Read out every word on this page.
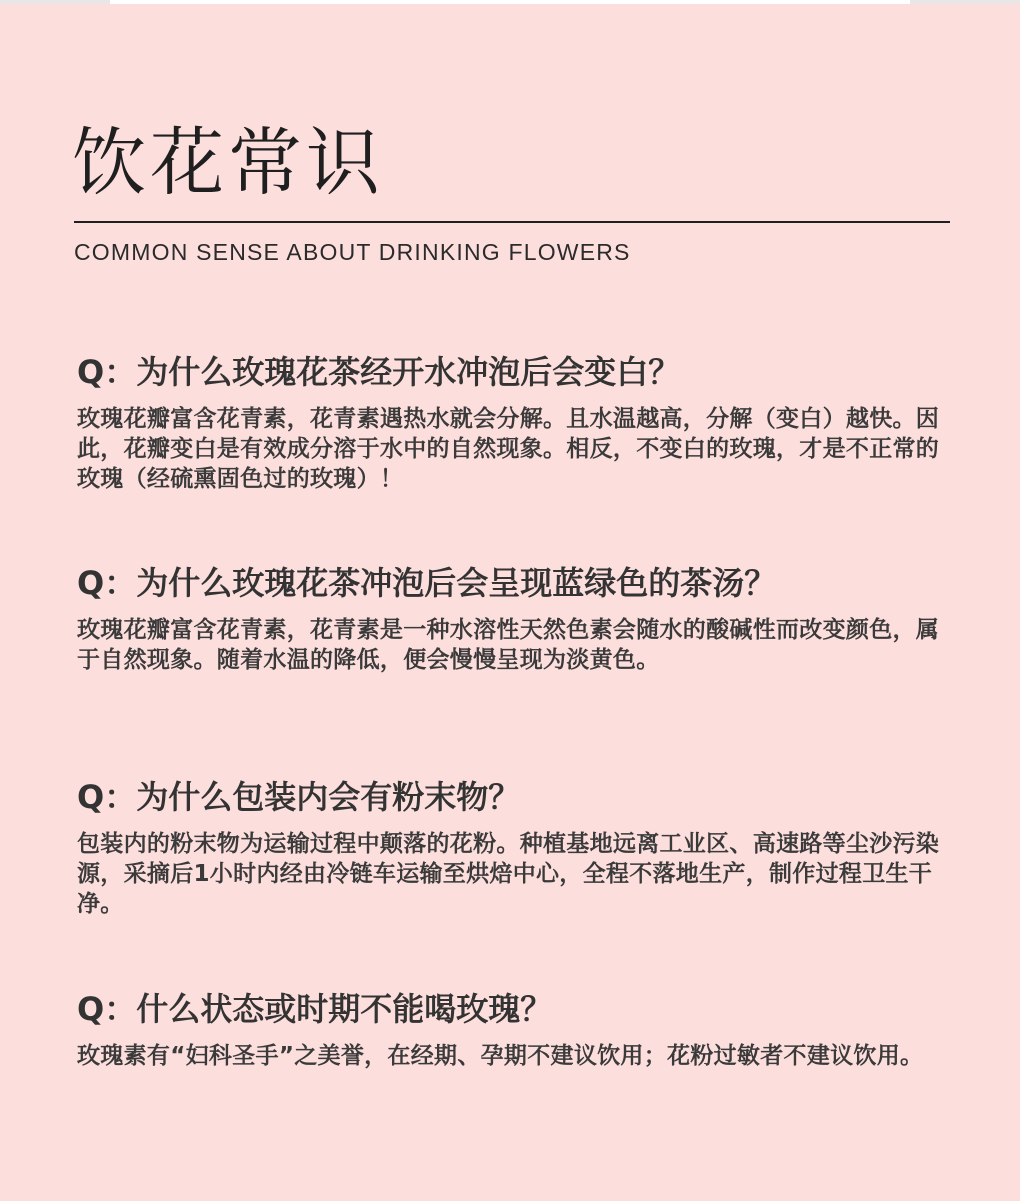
饮花常识
COMMON SENSE ABOUT DRINKING FLOWERS

Q：为什么玫瑰花茶经开水冲泡后会变白？

玫瑰花瓣富含花青素，花青素遇热水就会分解。且水温越高，分解（变白）越快。因此，花瓣变白是有效成分溶于水中的自然现象。相反，不变白的玫瑰，才是不正常的玫瑰（经硫熏固色过的玫瑰）！

Q：为什么玫瑰花茶冲泡后会呈现蓝绿色的茶汤？

玫瑰花瓣富含花青素，花青素是一种水溶性天然色素会随水的酸碱性而改变颜色，属于自然现象。随着水温的降低，便会慢慢呈现为淡黄色。

Q：为什么包装内会有粉末物？

包装内的粉末物为运输过程中颠落的花粉。种植基地远离工业区、高速路等尘沙污染源，采摘后1小时内经由冷链车运输至烘焙中心，全程不落地生产，制作过程卫生干净。

Q：什么状态或时期不能喝玫瑰？

玫瑰素有“妇科圣手”之美誉，在经期、孕期不建议饮用；花粉过敏者不建议饮用。
